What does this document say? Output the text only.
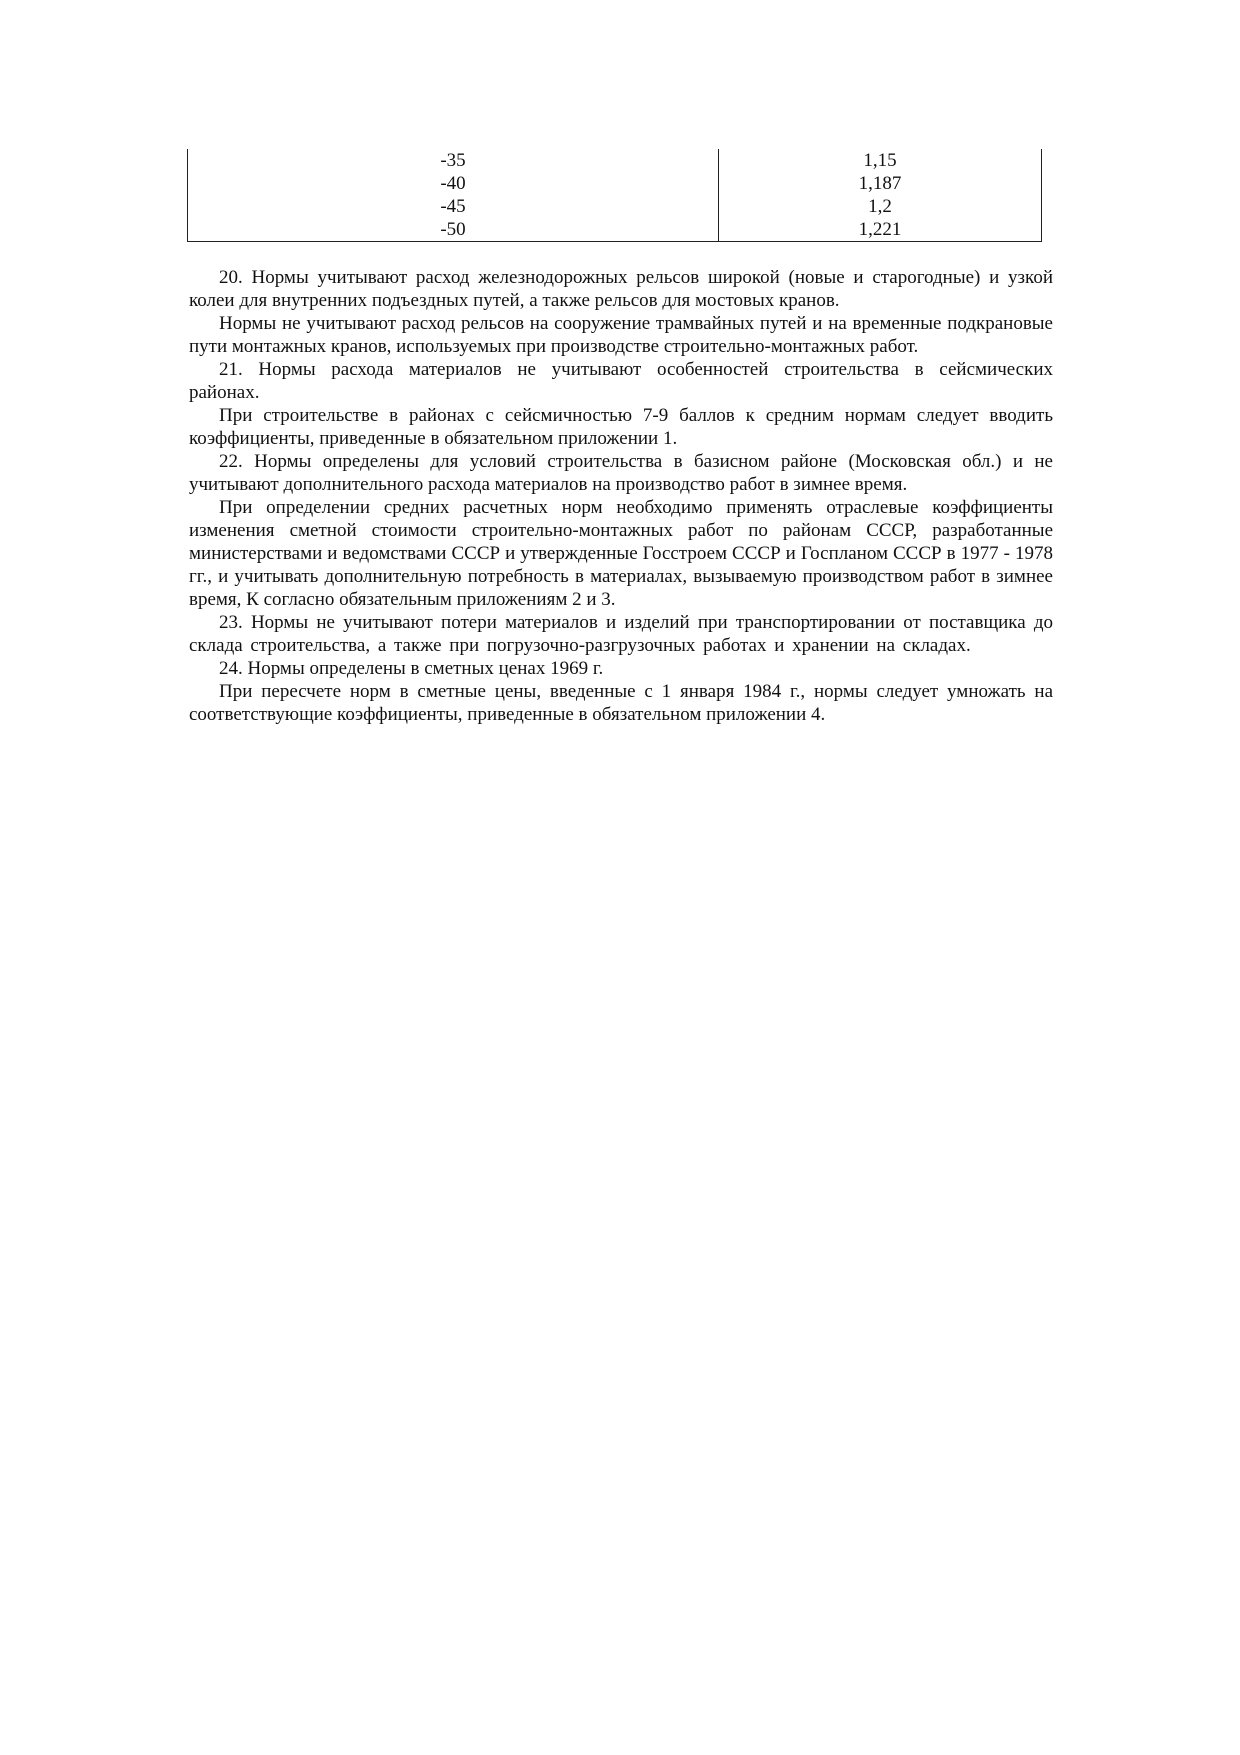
-35	1,15
-40	1,187
-45	1,2
-50	1,221

20. Нормы учитывают расход железнодорожных рельсов широкой (новые и старогодные) и узкой колеи для внутренних подъездных путей, а также рельсов для мостовых кранов.

Нормы не учитывают расход рельсов на сооружение трамвайных путей и на временные подкрановые пути монтажных кранов, используемых при производстве строительно-монтажных работ.

21. Нормы расхода материалов не учитывают особенностей строительства в сейсмических районах.

При строительстве в районах с сейсмичностью 7-9 баллов к средним нормам следует вводить коэффициенты, приведенные в обязательном приложении 1.

22. Нормы определены для условий строительства в базисном районе (Московская обл.) и не учитывают дополнительного расхода материалов на производство работ в зимнее время.

При определении средних расчетных норм необходимо применять отраслевые коэффициенты изменения сметной стоимости строительно-монтажных работ по районам СССР, разработанные министерствами и ведомствами СССР и утвержденные Госстроем СССР и Госпланом СССР в 1977 - 1978 гг., и учитывать дополнительную потребность в материалах, вызываемую производством работ в зимнее время, К согласно обязательным приложениям 2 и 3.

23. Нормы не учитывают потери материалов и изделий при транспортировании от поставщика до склада строительства, а также при погрузочно-разгрузочных работах и хранении на складах.

24. Нормы определены в сметных ценах 1969 г.

При пересчете норм в сметные цены, введенные с 1 января 1984 г., нормы следует умножать на соответствующие коэффициенты, приведенные в обязательном приложении 4.
